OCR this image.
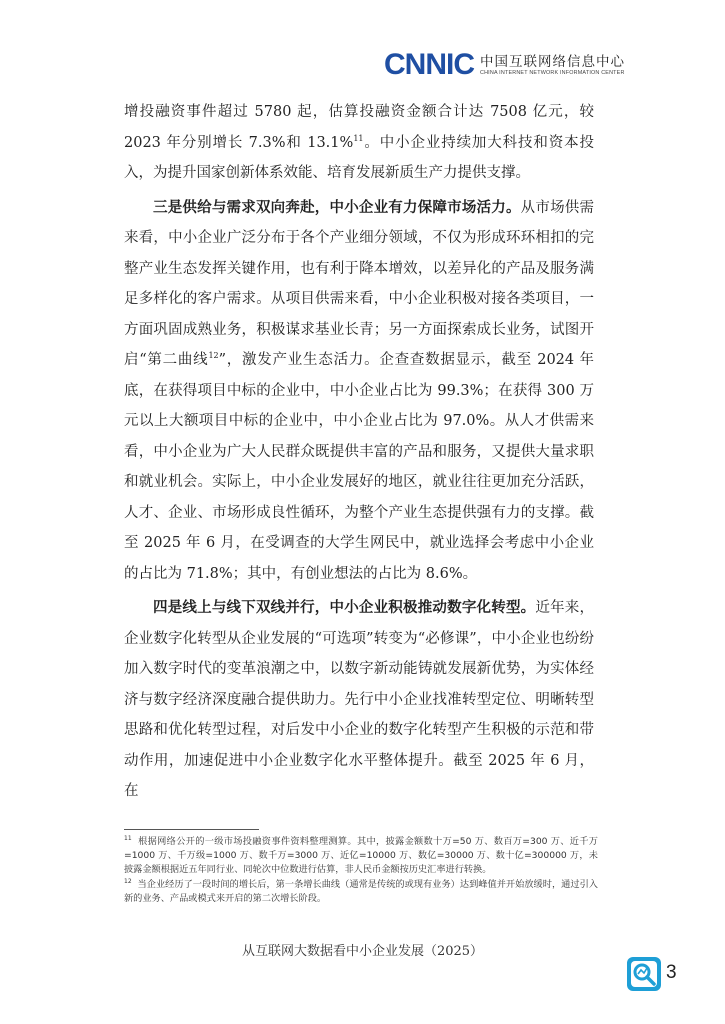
CNNIC 中国互联网络信息中心
CHINA INTERNET NETWORK INFORMATION CENTER

增投融资事件超过 5780 起，估算投融资金额合计达 7508 亿元，较 2023 年分别增长 7.3%和 13.1%$^{11}$。中小企业持续加大科技和资本投入，为提升国家创新体系效能、培育发展新质生产力提供支撑。

三是供给与需求双向奔赴，中小企业有力保障市场活力。从市场供需来看，中小企业广泛分布于各个产业细分领域，不仅为形成环环相扣的完整产业生态发挥关键作用，也有利于降本增效，以差异化的产品及服务满足多样化的客户需求。从项目供需来看，中小企业积极对接各类项目，一方面巩固成熟业务，积极谋求基业长青；另一方面探索成长业务，试图开启“第二曲线$^{12}$”，激发产业生态活力。企查查数据显示，截至 2024 年底，在获得项目中标的企业中，中小企业占比为 99.3%；在获得 300 万元以上大额项目中标的企业中，中小企业占比为 97.0%。从人才供需来看，中小企业为广大人民群众既提供丰富的产品和服务，又提供大量求职和就业机会。实际上，中小企业发展好的地区，就业往往更加充分活跃，人才、企业、市场形成良性循环，为整个产业生态提供强有力的支撑。截至 2025 年 6 月，在受调查的大学生网民中，就业选择会考虑中小企业的占比为 71.8%；其中，有创业想法的占比为 8.6%。

四是线上与线下双线并行，中小企业积极推动数字化转型。近年来，企业数字化转型从企业发展的“可选项”转变为“必修课”，中小企业也纷纷加入数字时代的变革浪潮之中，以数字新动能铸就发展新优势，为实体经济与数字经济深度融合提供助力。先行中小企业找准转型定位、明晰转型思路和优化转型过程，对后发中小企业的数字化转型产生积极的示范和带动作用，加速促进中小企业数字化水平整体提升。截至 2025 年 6 月，在

$^{11}$ 根据网络公开的一级市场投融资事件资料整理测算。其中，披露金额数十万=50 万、数百万=300 万、近千万=1000 万、千万级=1000 万、数千万=3000 万、近亿=10000 万、数亿=30000 万、数十亿=300000 万，未披露金额根据近五年同行业、同轮次中位数进行估算，非人民币金额按历史汇率进行转换。
$^{12}$ 当企业经历了一段时间的增长后，第一条增长曲线（通常是传统的或现有业务）达到峰值并开始放缓时，通过引入新的业务、产品或模式来开启的第二次增长阶段。
从互联网大数据看中小企业发展（2025）
3
